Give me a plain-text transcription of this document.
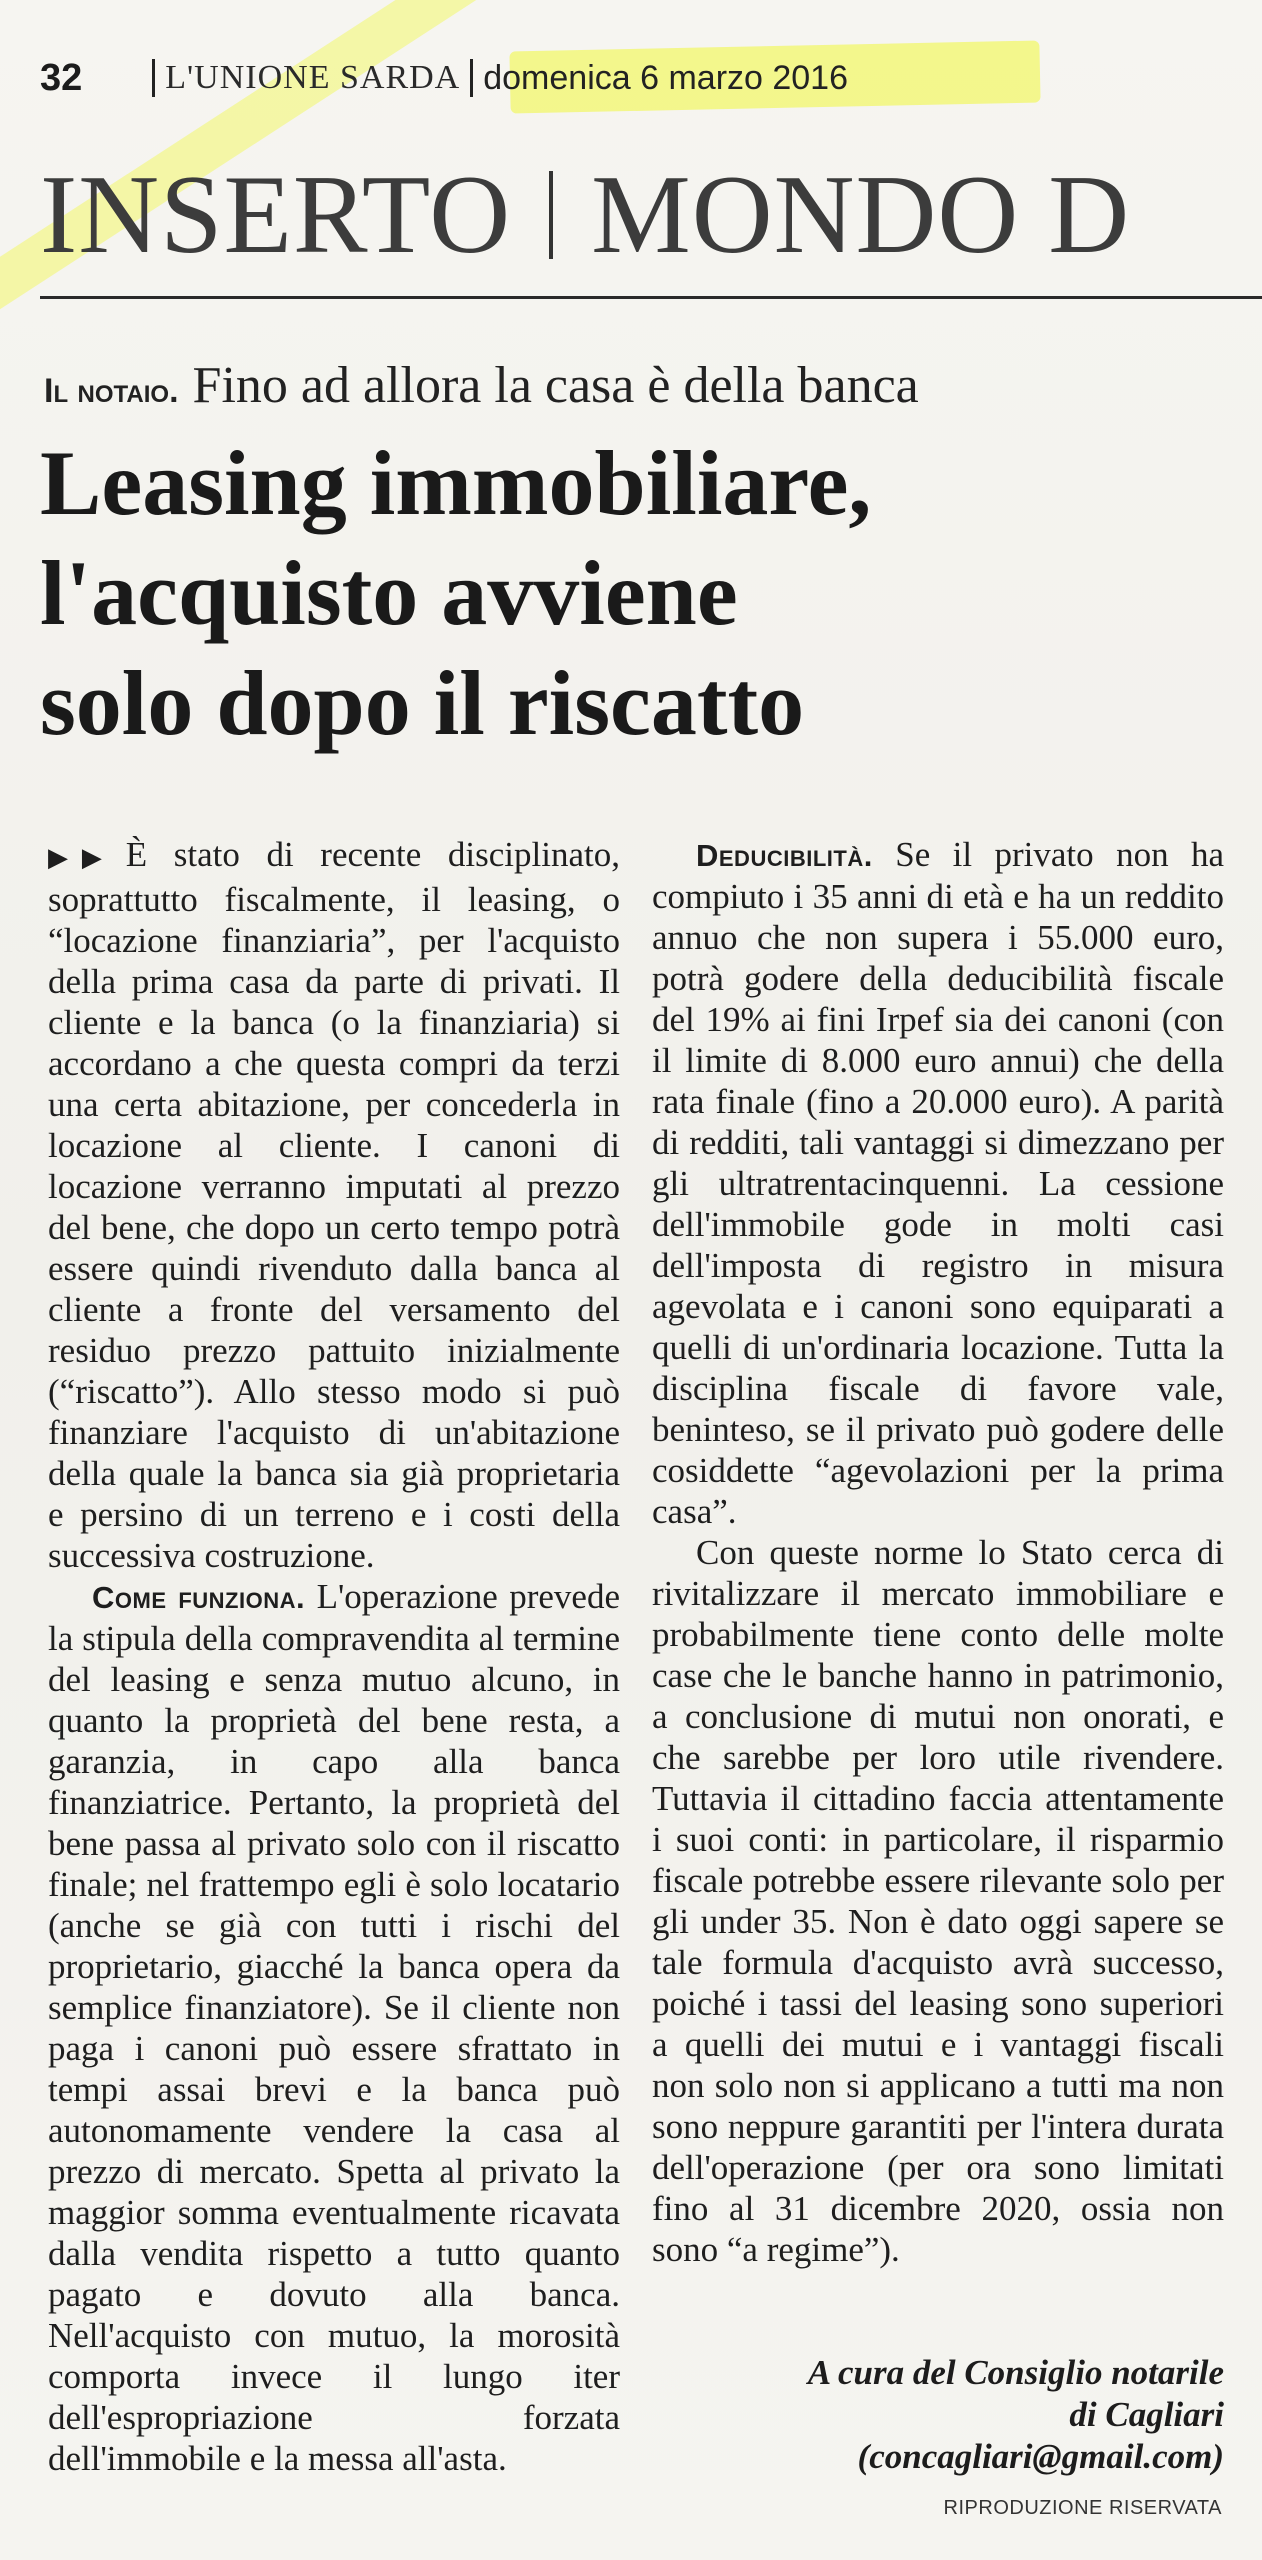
32 L'UNIONE SARDA domenica 6 marzo 2016
INSERTO MONDO D
Il notaio. Fino ad allora la casa è della banca
Leasing immobiliare,
l'acquisto avviene
solo dopo il riscatto

▶▶ È stato di recente disciplinato, soprattutto fiscalmente, il leasing, o “locazione finanziaria”, per l'acquisto della prima casa da parte di privati. Il cliente e la banca (o la finanziaria) si accordano a che questa compri da terzi una certa abitazione, per concederla in locazione al cliente. I canoni di locazione verranno imputati al prezzo del bene, che dopo un certo tempo potrà essere quindi rivenduto dalla banca al cliente a fronte del versamento del residuo prezzo pattuito inizialmente (“riscatto”). Allo stesso modo si può finanziare l'acquisto di un'abitazione della quale la banca sia già proprietaria e persino di un terreno e i costi della successiva costruzione.

Come funziona. L'operazione prevede la stipula della compravendita al termine del leasing e senza mutuo alcuno, in quanto la proprietà del bene resta, a garanzia, in capo alla banca finanziatrice. Pertanto, la proprietà del bene passa al privato solo con il riscatto finale; nel frattempo egli è solo locatario (anche se già con tutti i rischi del proprietario, giacché la banca opera da semplice finanziatore). Se il cliente non paga i canoni può essere sfrattato in tempi assai brevi e la banca può autonomamente vendere la casa al prezzo di mercato. Spetta al privato la maggior somma eventualmente ricavata dalla vendita rispetto a tutto quanto pagato e dovuto alla banca. Nell'acquisto con mutuo, la morosità comporta invece il lungo iter dell'espropriazione forzata dell'immobile e la messa all'asta.

Deducibilità. Se il privato non ha compiuto i 35 anni di età e ha un reddito annuo che non supera i 55.000 euro, potrà godere della deducibilità fiscale del 19% ai fini Irpef sia dei canoni (con il limite di 8.000 euro annui) che della rata finale (fino a 20.000 euro). A parità di redditi, tali vantaggi si dimezzano per gli ultratrentacinquenni. La cessione dell'immobile gode in molti casi dell'imposta di registro in misura agevolata e i canoni sono equiparati a quelli di un'ordinaria locazione. Tutta la disciplina fiscale di favore vale, beninteso, se il privato può godere delle cosiddette “agevolazioni per la prima casa”.

Con queste norme lo Stato cerca di rivitalizzare il mercato immobiliare e probabilmente tiene conto delle molte case che le banche hanno in patrimonio, a conclusione di mutui non onorati, e che sarebbe per loro utile rivendere. Tuttavia il cittadino faccia attentamente i suoi conti: in particolare, il risparmio fiscale potrebbe essere rilevante solo per gli under 35. Non è dato oggi sapere se tale formula d'acquisto avrà successo, poiché i tassi del leasing sono superiori a quelli dei mutui e i vantaggi fiscali non solo non si applicano a tutti ma non sono neppure garantiti per l'intera durata dell'operazione (per ora sono limitati fino al 31 dicembre 2020, ossia non sono “a regime”).

A cura del Consiglio notarile
di Cagliari
(concagliari@gmail.com)
RIPRODUZIONE RISERVATA
